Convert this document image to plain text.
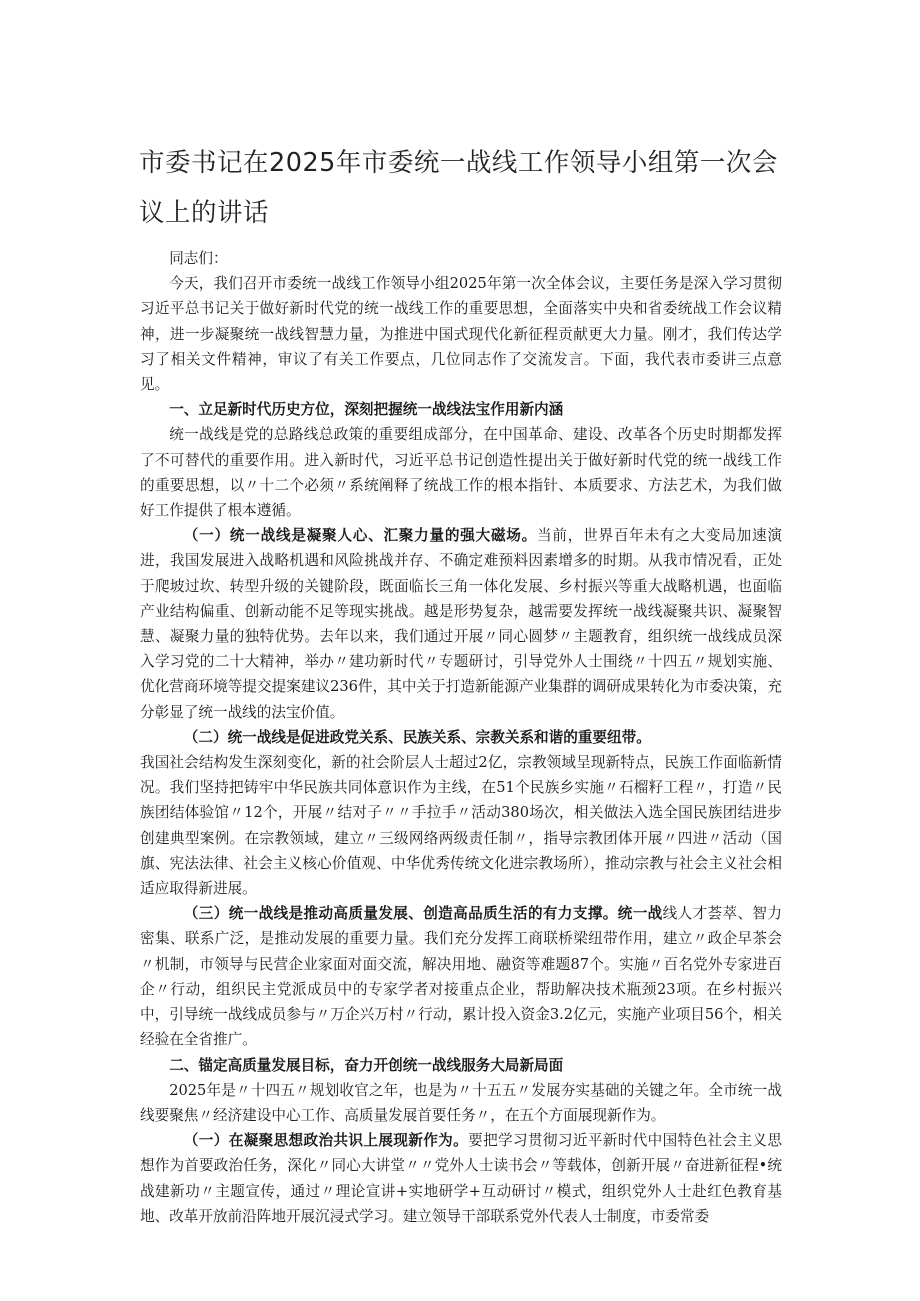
市委书记在2025年市委统一战线工作领导小组第一次会议上的讲话

同志们：

今天，我们召开市委统一战线工作领导小组2025年第一次全体会议，主要任务是深入学习贯彻习近平总书记关于做好新时代党的统一战线工作的重要思想，全面落实中央和省委统战工作会议精神，进一步凝聚统一战线智慧力量，为推进中国式现代化新征程贡献更大力量。刚才，我们传达学习了相关文件精神，审议了有关工作要点，几位同志作了交流发言。下面，我代表市委讲三点意见。

一、立足新时代历史方位，深刻把握统一战线法宝作用新内涵

统一战线是党的总路线总政策的重要组成部分，在中国革命、建设、改革各个历史时期都发挥了不可替代的重要作用。进入新时代，习近平总书记创造性提出关于做好新时代党的统一战线工作的重要思想，以〃十二个必须〃系统阐释了统战工作的根本指针、本质要求、方法艺术，为我们做好工作提供了根本遵循。

（一）统一战线是凝聚人心、汇聚力量的强大磁场。当前，世界百年未有之大变局加速演进，我国发展进入战略机遇和风险挑战并存、不确定难预料因素增多的时期。从我市情况看，正处于爬坡过坎、转型升级的关键阶段，既面临长三角一体化发展、乡村振兴等重大战略机遇，也面临产业结构偏重、创新动能不足等现实挑战。越是形势复杂，越需要发挥统一战线凝聚共识、凝聚智慧、凝聚力量的独特优势。去年以来，我们通过开展〃同心圆梦〃主题教育，组织统一战线成员深入学习党的二十大精神，举办〃建功新时代〃专题研讨，引导党外人士围绕〃十四五〃规划实施、优化营商环境等提交提案建议236件，其中关于打造新能源产业集群的调研成果转化为市委决策，充分彰显了统一战线的法宝价值。

（二）统一战线是促进政党关系、民族关系、宗教关系和谐的重要纽带。

我国社会结构发生深刻变化，新的社会阶层人士超过2亿，宗教领域呈现新特点，民族工作面临新情况。我们坚持把铸牢中华民族共同体意识作为主线，在51个民族乡实施〃石榴籽工程〃，打造〃民族团结体验馆〃12个，开展〃结对子〃〃手拉手〃活动380场次，相关做法入选全国民族团结进步创建典型案例。在宗教领域，建立〃三级网络两级责任制〃，指导宗教团体开展〃四进〃活动（国旗、宪法法律、社会主义核心价值观、中华优秀传统文化进宗教场所），推动宗教与社会主义社会相适应取得新进展。

（三）统一战线是推动高质量发展、创造高品质生活的有力支撑。统一战线人才荟萃、智力密集、联系广泛，是推动发展的重要力量。我们充分发挥工商联桥梁纽带作用，建立〃政企早茶会〃机制，市领导与民营企业家面对面交流，解决用地、融资等难题87个。实施〃百名党外专家进百企〃行动，组织民主党派成员中的专家学者对接重点企业，帮助解决技术瓶颈23项。在乡村振兴中，引导统一战线成员参与〃万企兴万村〃行动，累计投入资金3.2亿元，实施产业项目56个，相关经验在全省推广。

二、锚定高质量发展目标，奋力开创统一战线服务大局新局面

2025年是〃十四五〃规划收官之年，也是为〃十五五〃发展夯实基础的关键之年。全市统一战线要聚焦〃经济建设中心工作、高质量发展首要任务〃，在五个方面展现新作为。

（一）在凝聚思想政治共识上展现新作为。要把学习贯彻习近平新时代中国特色社会主义思想作为首要政治任务，深化〃同心大讲堂〃〃党外人士读书会〃等载体，创新开展〃奋进新征程•统战建新功〃主题宣传，通过〃理论宣讲+实地研学+互动研讨〃模式，组织党外人士赴红色教育基地、改革开放前沿阵地开展沉浸式学习。建立领导干部联系党外代表人士制度，市委常委
